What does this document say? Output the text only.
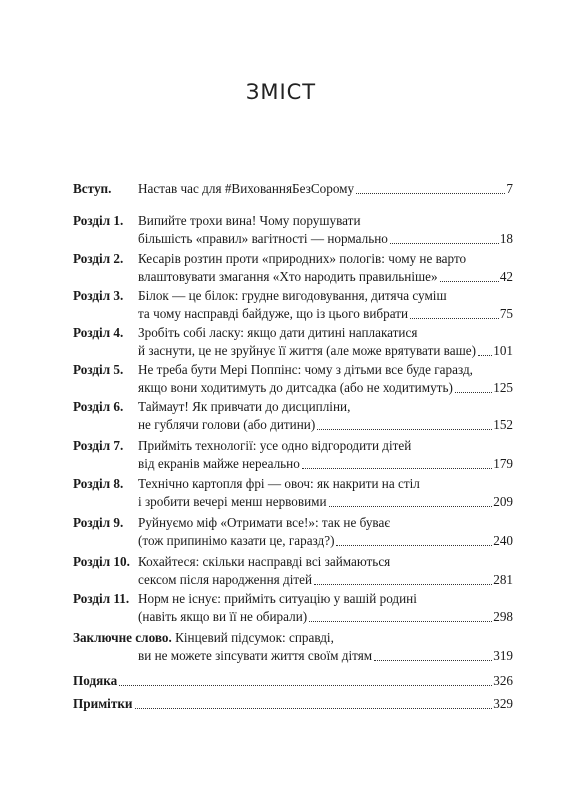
ЗМІСТ
Вступ. Настав час для #ВихованняБезСорому	7
Розділ 1. Випийте трохи вина! Чому порушувати
більшість «правил» вагітності — нормально	18
Розділ 2. Кесарів розтин проти «природних» пологів: чому не варто
влаштовувати змагання «Хто народить правильніше»	42
Розділ 3. Білок — це білок: грудне вигодовування, дитяча суміш
та чому насправді байдуже, що із цього вибрати	75
Розділ 4. Зробіть собі ласку: якщо дати дитині наплакатися
й заснути, це не зруйнує її життя (але може врятувати ваше) 101
Розділ 5. Не треба бути Мері Поппінс: чому з дітьми все буде гаразд,
якщо вони ходитимуть до дитсадка (або не ходитимуть)	125
Розділ 6. Таймаут! Як привчати до дисципліни,
не гублячи голови (або дитини)	152
Розділ 7. Прийміть технології: усе одно відгородити дітей
від екранів майже нереально	179
Розділ 8. Технічно картопля фрі — овоч: як накрити на стіл
і зробити вечері менш нервовими	209
Розділ 9. Руйнуємо міф «Отримати все!»: так не буває
(тож припинімо казати це, гаразд?)	240
Розділ 10. Кохайтеся: скільки насправді всі займаються
сексом після народження дітей	281
Розділ 11. Норм не існує: прийміть ситуацію у вашій родині
(навіть якщо ви її не обирали)	298
Заключне слово.
Кінцевий підсумок: справді,
ви не можете зіпсувати життя своїм дітям	319
Подяка	326
Примітки	329
